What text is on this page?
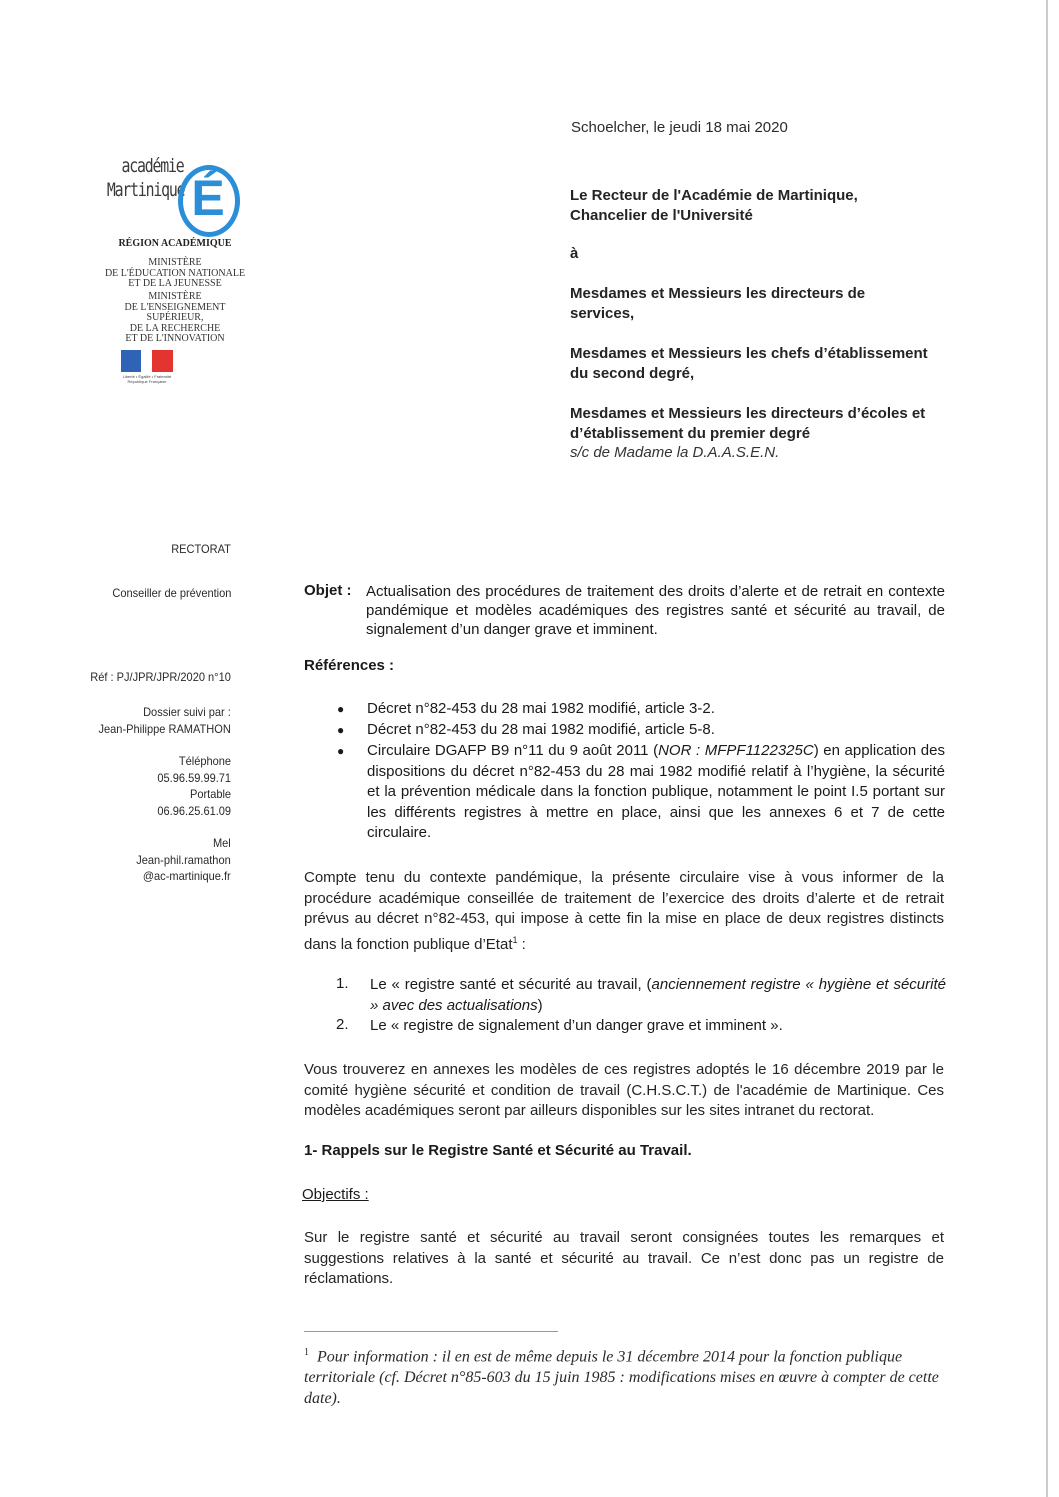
académie
Martinique É
RÉGION ACADÉMIQUE
MINISTÈRE
DE L'ÉDUCATION NATIONALE
ET DE LA JEUNESSE
MINISTÈRE
DE L'ENSEIGNEMENT SUPÉRIEUR,
DE LA RECHERCHE
ET DE L'INNOVATION
Liberté • Égalité • Fraternité
République Française
Schoelcher, le jeudi 18 mai 2020
Le Recteur de l'Académie de Martinique,
Chancelier de l'Université
à
Mesdames et Messieurs les directeurs de
services,
Mesdames et Messieurs les chefs d’établissement
du second degré,
Mesdames et Messieurs les directeurs d’écoles et
d’établissement du premier degré
s/c de Madame la D.A.A.S.E.N.
RECTORAT
Conseiller de prévention
Réf : PJ/JPR/JPR/2020 n°10
Dossier suivi par :
Jean-Philippe RAMATHON
Téléphone
05.96.59.99.71
Portable
06.96.25.61.09
Mel
Jean-phil.ramathon
@ac-martinique.fr
Objet : Actualisation des procédures de traitement des droits d’alerte et de retrait en contexte pandémique et modèles académiques des registres santé et sécurité au travail, de signalement d’un danger grave et imminent.
Références :
● Décret n°82-453 du 28 mai 1982 modifié, article 3-2.
● Décret n°82-453 du 28 mai 1982 modifié, article 5-8.
● Circulaire DGAFP B9 n°11 du 9 août 2011 (NOR : MFPF1122325C) en application des dispositions du décret n°82-453 du 28 mai 1982 modifié relatif à l’hygiène, la sécurité et la prévention médicale dans la fonction publique, notamment le point I.5 portant sur les différents registres à mettre en place, ainsi que les annexes 6 et 7 de cette circulaire.
Compte tenu du contexte pandémique, la présente circulaire vise à vous informer de la procédure académique conseillée de traitement de l’exercice des droits d’alerte et de retrait prévus au décret n°82-453, qui impose à cette fin la mise en place de deux registres distincts dans la fonction publique d’Etat$^1$ :
1. Le « registre santé et sécurité au travail, (anciennement registre « hygiène et sécurité » avec des actualisations)
2. Le « registre de signalement d’un danger grave et imminent ».
Vous trouverez en annexes les modèles de ces registres adoptés le 16 décembre 2019 par le comité hygiène sécurité et condition de travail (C.H.S.C.T.) de l'académie de Martinique. Ces modèles académiques seront par ailleurs disponibles sur les sites intranet du rectorat.
1- Rappels sur le Registre Santé et Sécurité au Travail.
Objectifs :
Sur le registre santé et sécurité au travail seront consignées toutes les remarques et suggestions relatives à la santé et sécurité au travail. Ce n’est donc pas un registre de réclamations.
$^1$ Pour information : il en est de même depuis le 31 décembre 2014 pour la fonction publique territoriale (cf. Décret n°85-603 du 15 juin 1985 : modifications mises en œuvre à compter de cette date).
